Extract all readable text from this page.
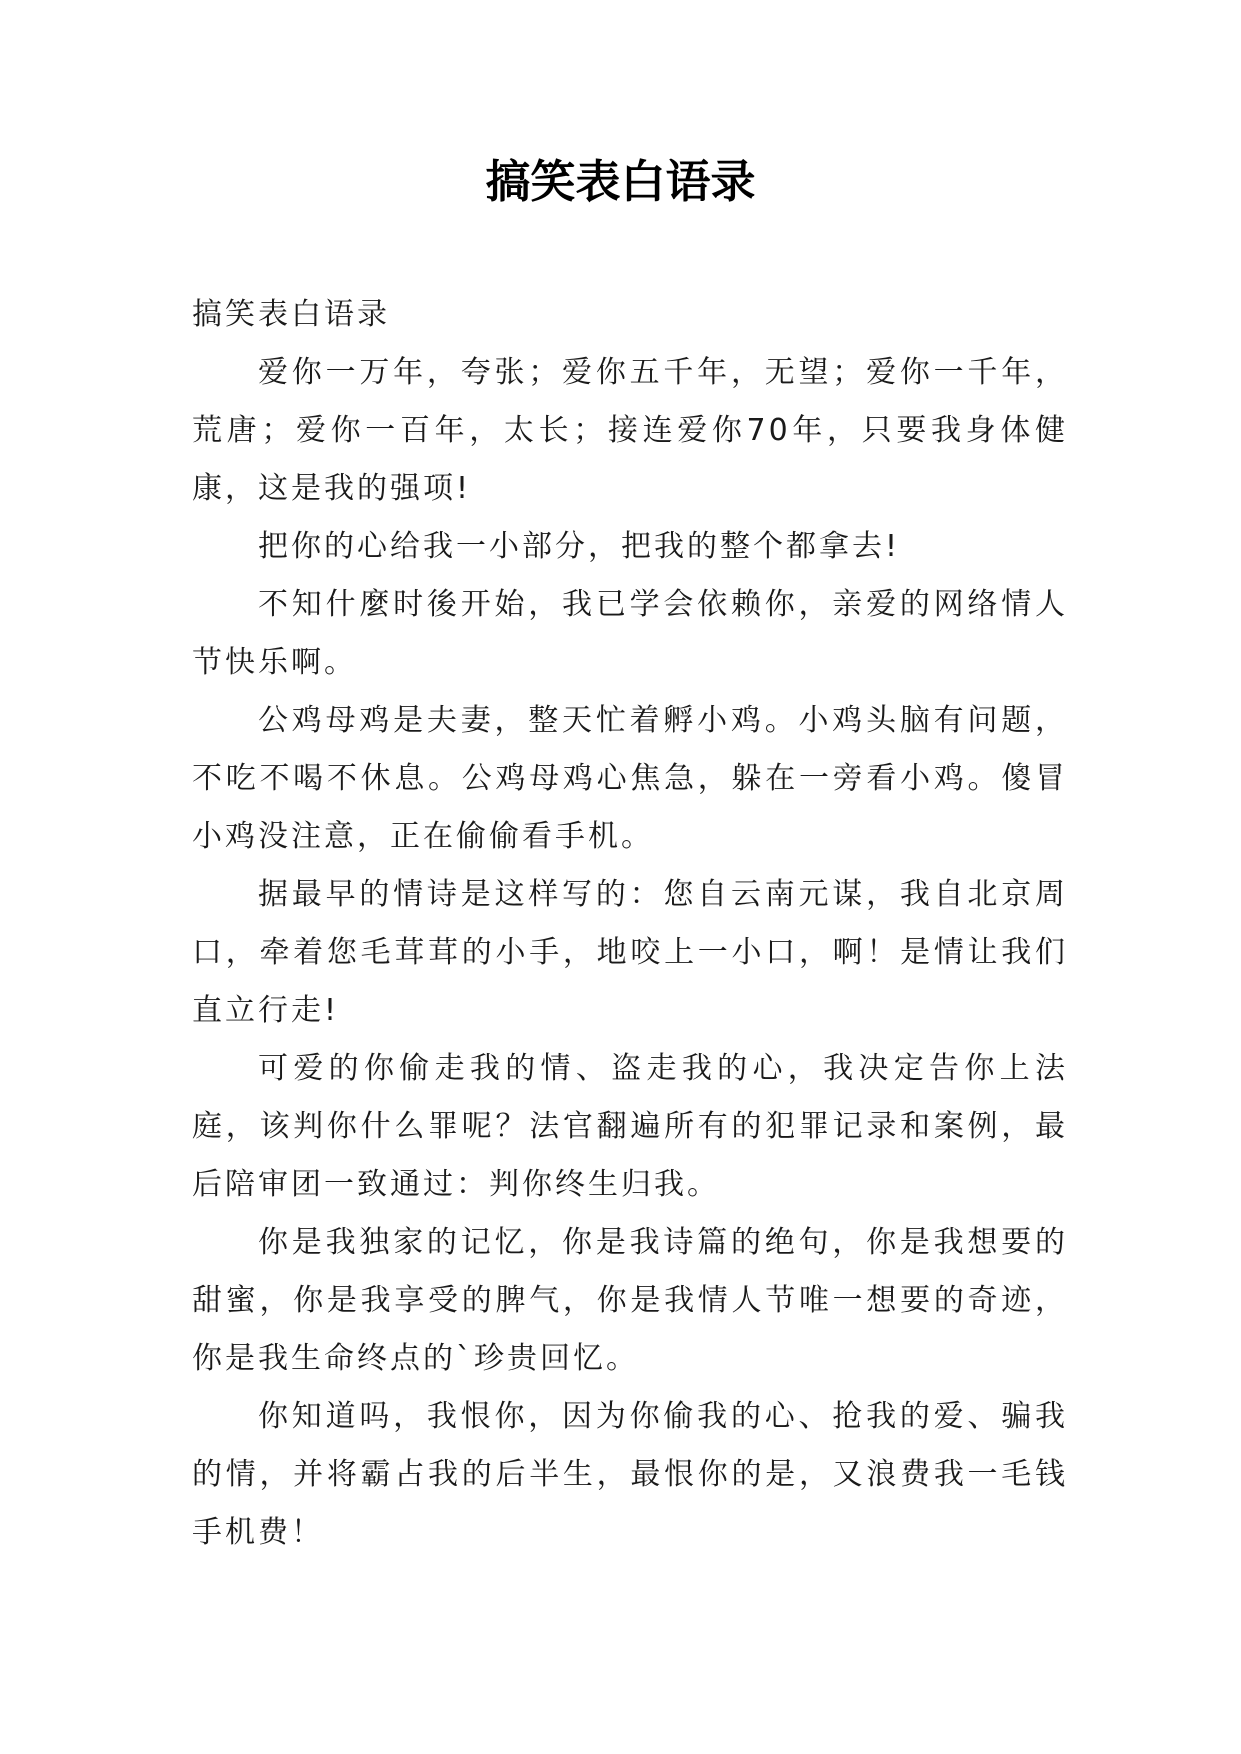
搞笑表白语录

搞笑表白语录

爱你一万年，夸张；爱你五千年，无望；爱你一千年，荒唐；爱你一百年，太长；接连爱你70年，只要我身体健康，这是我的强项!

把你的心给我一小部分，把我的整个都拿去!

不知什麼时後开始，我已学会依赖你，亲爱的网络情人节快乐啊。

公鸡母鸡是夫妻，整天忙着孵小鸡。小鸡头脑有问题，不吃不喝不休息。公鸡母鸡心焦急，躲在一旁看小鸡。傻冒小鸡没注意，正在偷偷看手机。

据最早的情诗是这样写的：您自云南元谋，我自北京周口，牵着您毛茸茸的小手，地咬上一小口，啊！是情让我们直立行走!

可爱的你偷走我的情、盗走我的心，我决定告你上法庭，该判你什么罪呢？法官翻遍所有的犯罪记录和案例，最后陪审团一致通过：判你终生归我。

你是我独家的记忆，你是我诗篇的绝句，你是我想要的甜蜜，你是我享受的脾气，你是我情人节唯一想要的奇迹，你是我生命终点的`珍贵回忆。

你知道吗，我恨你，因为你偷我的心、抢我的爱、骗我的情，并将霸占我的后半生，最恨你的是，又浪费我一毛钱手机费！
